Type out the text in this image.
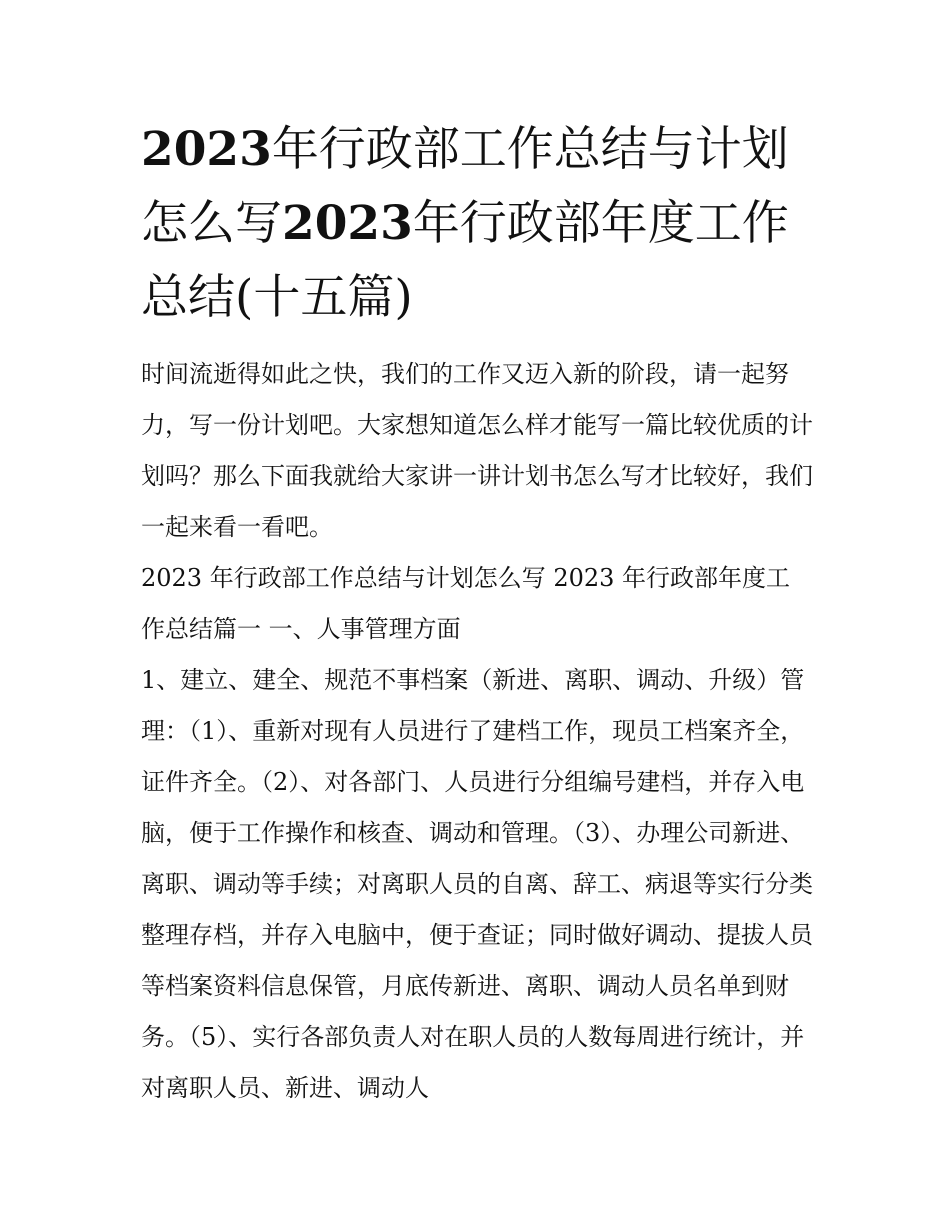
2023年行政部工作总结与计划怎么写2023年行政部年度工作总结(十五篇)

时间流逝得如此之快，我们的工作又迈入新的阶段，请一起努力，写一份计划吧。大家想知道怎么样才能写一篇比较优质的计划吗？那么下面我就给大家讲一讲计划书怎么写才比较好，我们一起来看一看吧。

2023 年行政部工作总结与计划怎么写 2023 年行政部年度工作总结篇一 一、人事管理方面

1、建立、建全、规范不事档案（新进、离职、调动、升级）管理：（1）、重新对现有人员进行了建档工作，现员工档案齐全，证件齐全。（2）、对各部门、人员进行分组编号建档，并存入电脑，便于工作操作和核查、调动和管理。（3）、办理公司新进、离职、调动等手续；对离职人员的自离、辞工、病退等实行分类整理存档，并存入电脑中，便于查证；同时做好调动、提拔人员等档案资料信息保管，月底传新进、离职、调动人员名单到财务。（5）、实行各部负责人对在职人员的人数每周进行统计，并对离职人员、新进、调动人
